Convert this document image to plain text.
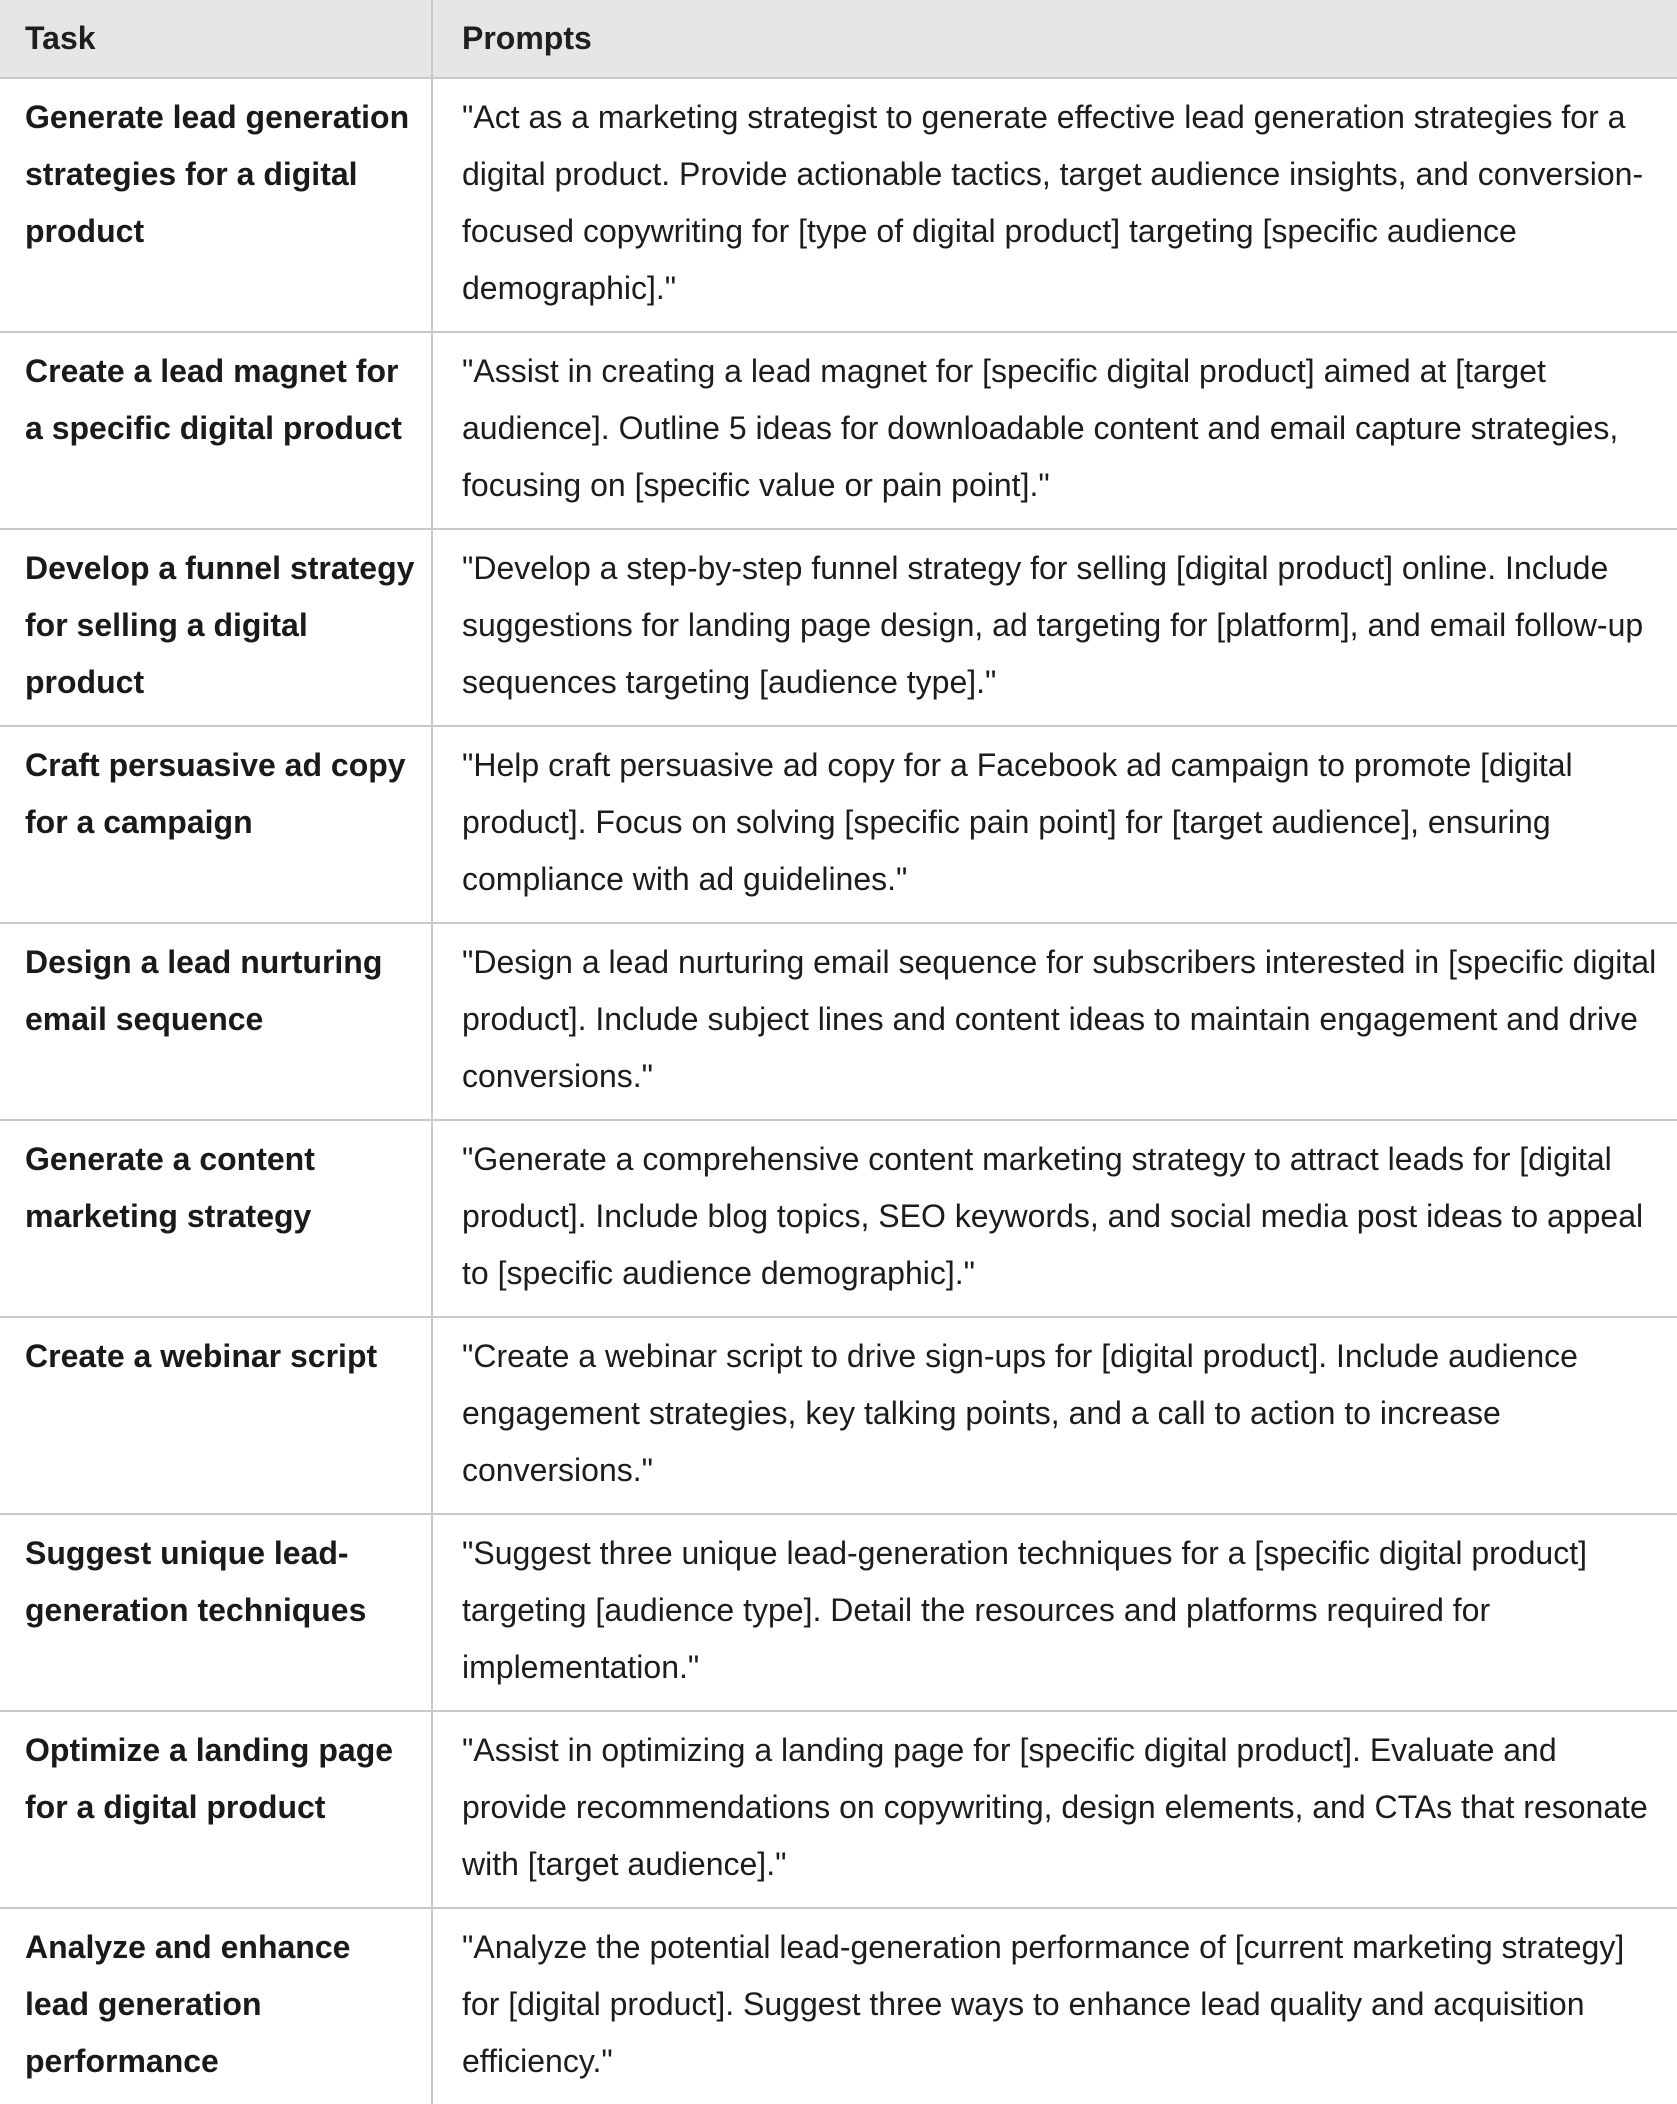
Task	Prompts
Generate lead generation strategies for a digital product	"Act as a marketing strategist to generate effective lead generation strategies for a digital product. Provide actionable tactics, target audience insights, and conversion-focused copywriting for [type of digital product] targeting [specific audience demographic]."
Create a lead magnet for a specific digital product	"Assist in creating a lead magnet for [specific digital product] aimed at [target audience]. Outline 5 ideas for downloadable content and email capture strategies, focusing on [specific value or pain point]."
Develop a funnel strategy for selling a digital product	"Develop a step-by-step funnel strategy for selling [digital product] online. Include suggestions for landing page design, ad targeting for [platform], and email follow-up sequences targeting [audience type]."
Craft persuasive ad copy for a campaign	"Help craft persuasive ad copy for a Facebook ad campaign to promote [digital product]. Focus on solving [specific pain point] for [target audience], ensuring compliance with ad guidelines."
Design a lead nurturing email sequence	"Design a lead nurturing email sequence for subscribers interested in [specific digital product]. Include subject lines and content ideas to maintain engagement and drive conversions."
Generate a content marketing strategy	"Generate a comprehensive content marketing strategy to attract leads for [digital product]. Include blog topics, SEO keywords, and social media post ideas to appeal to [specific audience demographic]."
Create a webinar script	"Create a webinar script to drive sign-ups for [digital product]. Include audience engagement strategies, key talking points, and a call to action to increase conversions."
Suggest unique lead-generation techniques	"Suggest three unique lead-generation techniques for a [specific digital product] targeting [audience type]. Detail the resources and platforms required for implementation."
Optimize a landing page for a digital product	"Assist in optimizing a landing page for [specific digital product]. Evaluate and provide recommendations on copywriting, design elements, and CTAs that resonate with [target audience]."
Analyze and enhance lead generation performance	"Analyze the potential lead-generation performance of [current marketing strategy] for [digital product]. Suggest three ways to enhance lead quality and acquisition efficiency."
